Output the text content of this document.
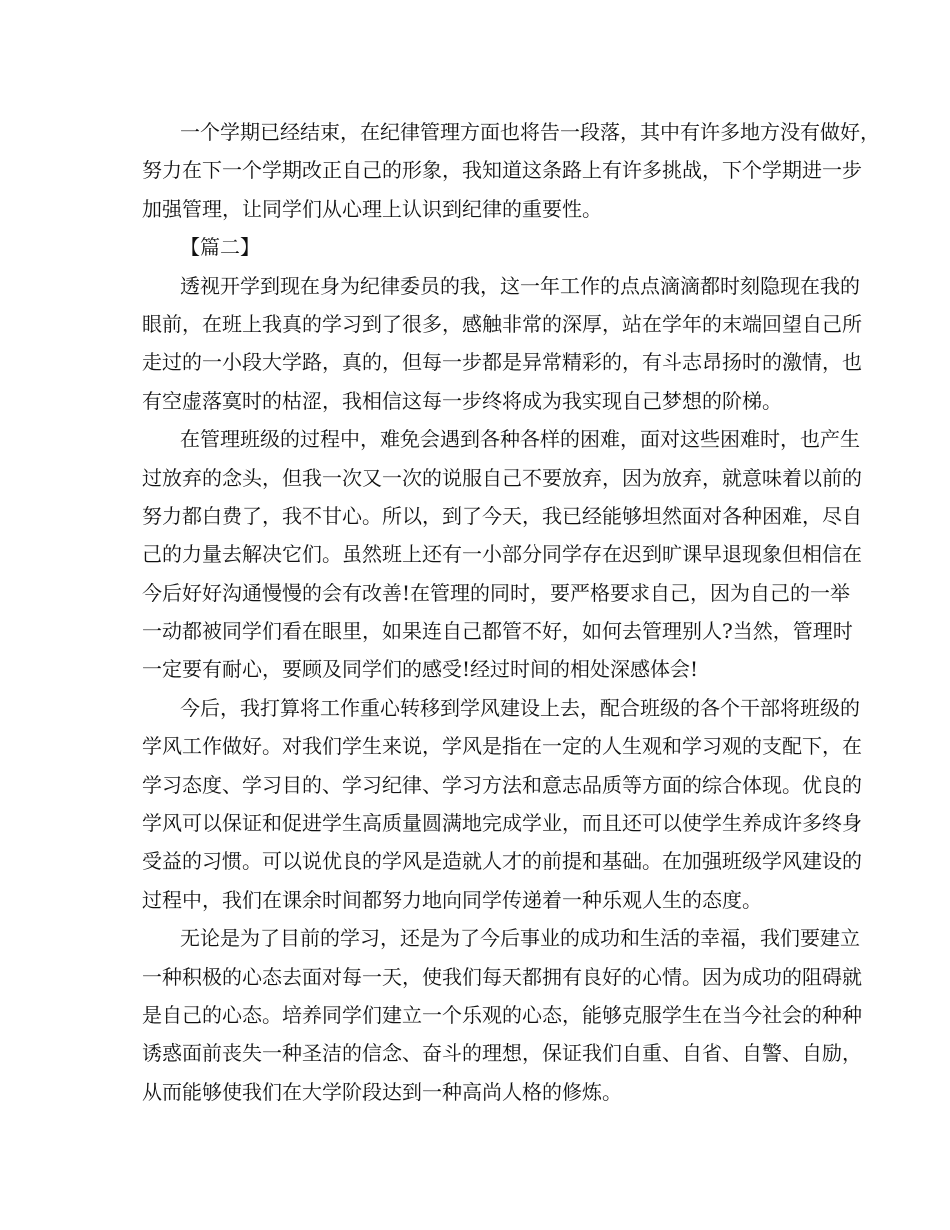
一个学期已经结束，在纪律管理方面也将告一段落，其中有许多地方没有做好，
努力在下一个学期改正自己的形象，我知道这条路上有许多挑战，下个学期进一步
加强管理，让同学们从心理上认识到纪律的重要性。
【篇二】
透视开学到现在身为纪律委员的我，这一年工作的点点滴滴都时刻隐现在我的
眼前，在班上我真的学习到了很多，感触非常的深厚，站在学年的末端回望自己所
走过的一小段大学路，真的，但每一步都是异常精彩的，有斗志昂扬时的激情，也
有空虚落寞时的枯涩，我相信这每一步终将成为我实现自己梦想的阶梯。
在管理班级的过程中，难免会遇到各种各样的困难，面对这些困难时，也产生
过放弃的念头，但我一次又一次的说服自己不要放弃，因为放弃，就意味着以前的
努力都白费了，我不甘心。所以，到了今天，我已经能够坦然面对各种困难，尽自
己的力量去解决它们。虽然班上还有一小部分同学存在迟到旷课早退现象但相信在
今后好好沟通慢慢的会有改善!在管理的同时，要严格要求自己，因为自己的一举
一动都被同学们看在眼里，如果连自己都管不好，如何去管理别人?当然，管理时
一定要有耐心，要顾及同学们的感受!经过时间的相处深感体会!
今后，我打算将工作重心转移到学风建设上去，配合班级的各个干部将班级的
学风工作做好。对我们学生来说，学风是指在一定的人生观和学习观的支配下，在
学习态度、学习目的、学习纪律、学习方法和意志品质等方面的综合体现。优良的
学风可以保证和促进学生高质量圆满地完成学业，而且还可以使学生养成许多终身
受益的习惯。可以说优良的学风是造就人才的前提和基础。在加强班级学风建设的
过程中，我们在课余时间都努力地向同学传递着一种乐观人生的态度。
无论是为了目前的学习，还是为了今后事业的成功和生活的幸福，我们要建立
一种积极的心态去面对每一天，使我们每天都拥有良好的心情。因为成功的阻碍就
是自己的心态。培养同学们建立一个乐观的心态，能够克服学生在当今社会的种种
诱惑面前丧失一种圣洁的信念、奋斗的理想，保证我们自重、自省、自警、自励，
从而能够使我们在大学阶段达到一种高尚人格的修炼。
